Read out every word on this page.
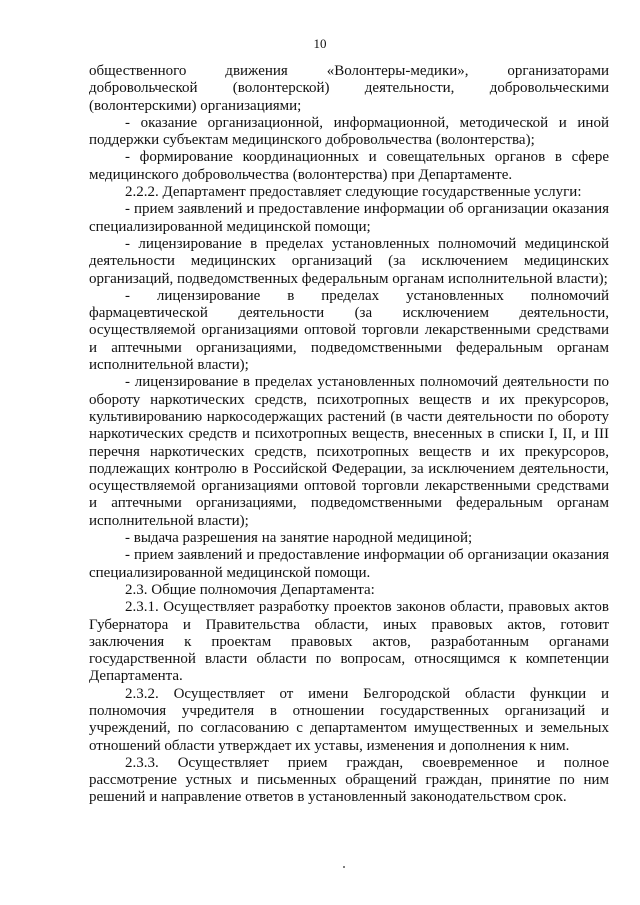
10

общественного движения «Волонтеры-медики», организаторами добровольческой (волонтерской) деятельности, добровольческими (волонтерскими) организациями;

- оказание организационной, информационной, методической и иной поддержки субъектам медицинского добровольчества (волонтерства);

- формирование координационных и совещательных органов в сфере медицинского добровольчества (волонтерства) при Департаменте.

2.2.2. Департамент предоставляет следующие государственные услуги:

- прием заявлений и предоставление информации об организации оказания специализированной медицинской помощи;

- лицензирование в пределах установленных полномочий медицинской деятельности медицинских организаций (за исключением медицинских организаций, подведомственных федеральным органам исполнительной власти);

- лицензирование в пределах установленных полномочий фармацевтической деятельности (за исключением деятельности, осуществляемой организациями оптовой торговли лекарственными средствами и аптечными организациями, подведомственными федеральным органам исполнительной власти);

- лицензирование в пределах установленных полномочий деятельности по обороту наркотических средств, психотропных веществ и их прекурсоров, культивированию наркосодержащих растений (в части деятельности по обороту наркотических средств и психотропных веществ, внесенных в списки I, II, и III перечня наркотических средств, психотропных веществ и их прекурсоров, подлежащих контролю в Российской Федерации, за исключением деятельности, осуществляемой организациями оптовой торговли лекарственными средствами и аптечными организациями, подведомственными федеральным органам исполнительной власти);

- выдача разрешения на занятие народной медициной;

- прием заявлений и предоставление информации об организации оказания специализированной медицинской помощи.

2.3. Общие полномочия Департамента:

2.3.1. Осуществляет разработку проектов законов области, правовых актов Губернатора и Правительства области, иных правовых актов, готовит заключения к проектам правовых актов, разработанным органами государственной власти области по вопросам, относящимся к компетенции Департамента.

2.3.2. Осуществляет от имени Белгородской области функции и полномочия учредителя в отношении государственных организаций и учреждений, по согласованию с департаментом имущественных и земельных отношений области утверждает их уставы, изменения и дополнения к ним.

2.3.3. Осуществляет прием граждан, своевременное и полное рассмотрение устных и письменных обращений граждан, принятие по ним решений и направление ответов в установленный законодательством срок.
